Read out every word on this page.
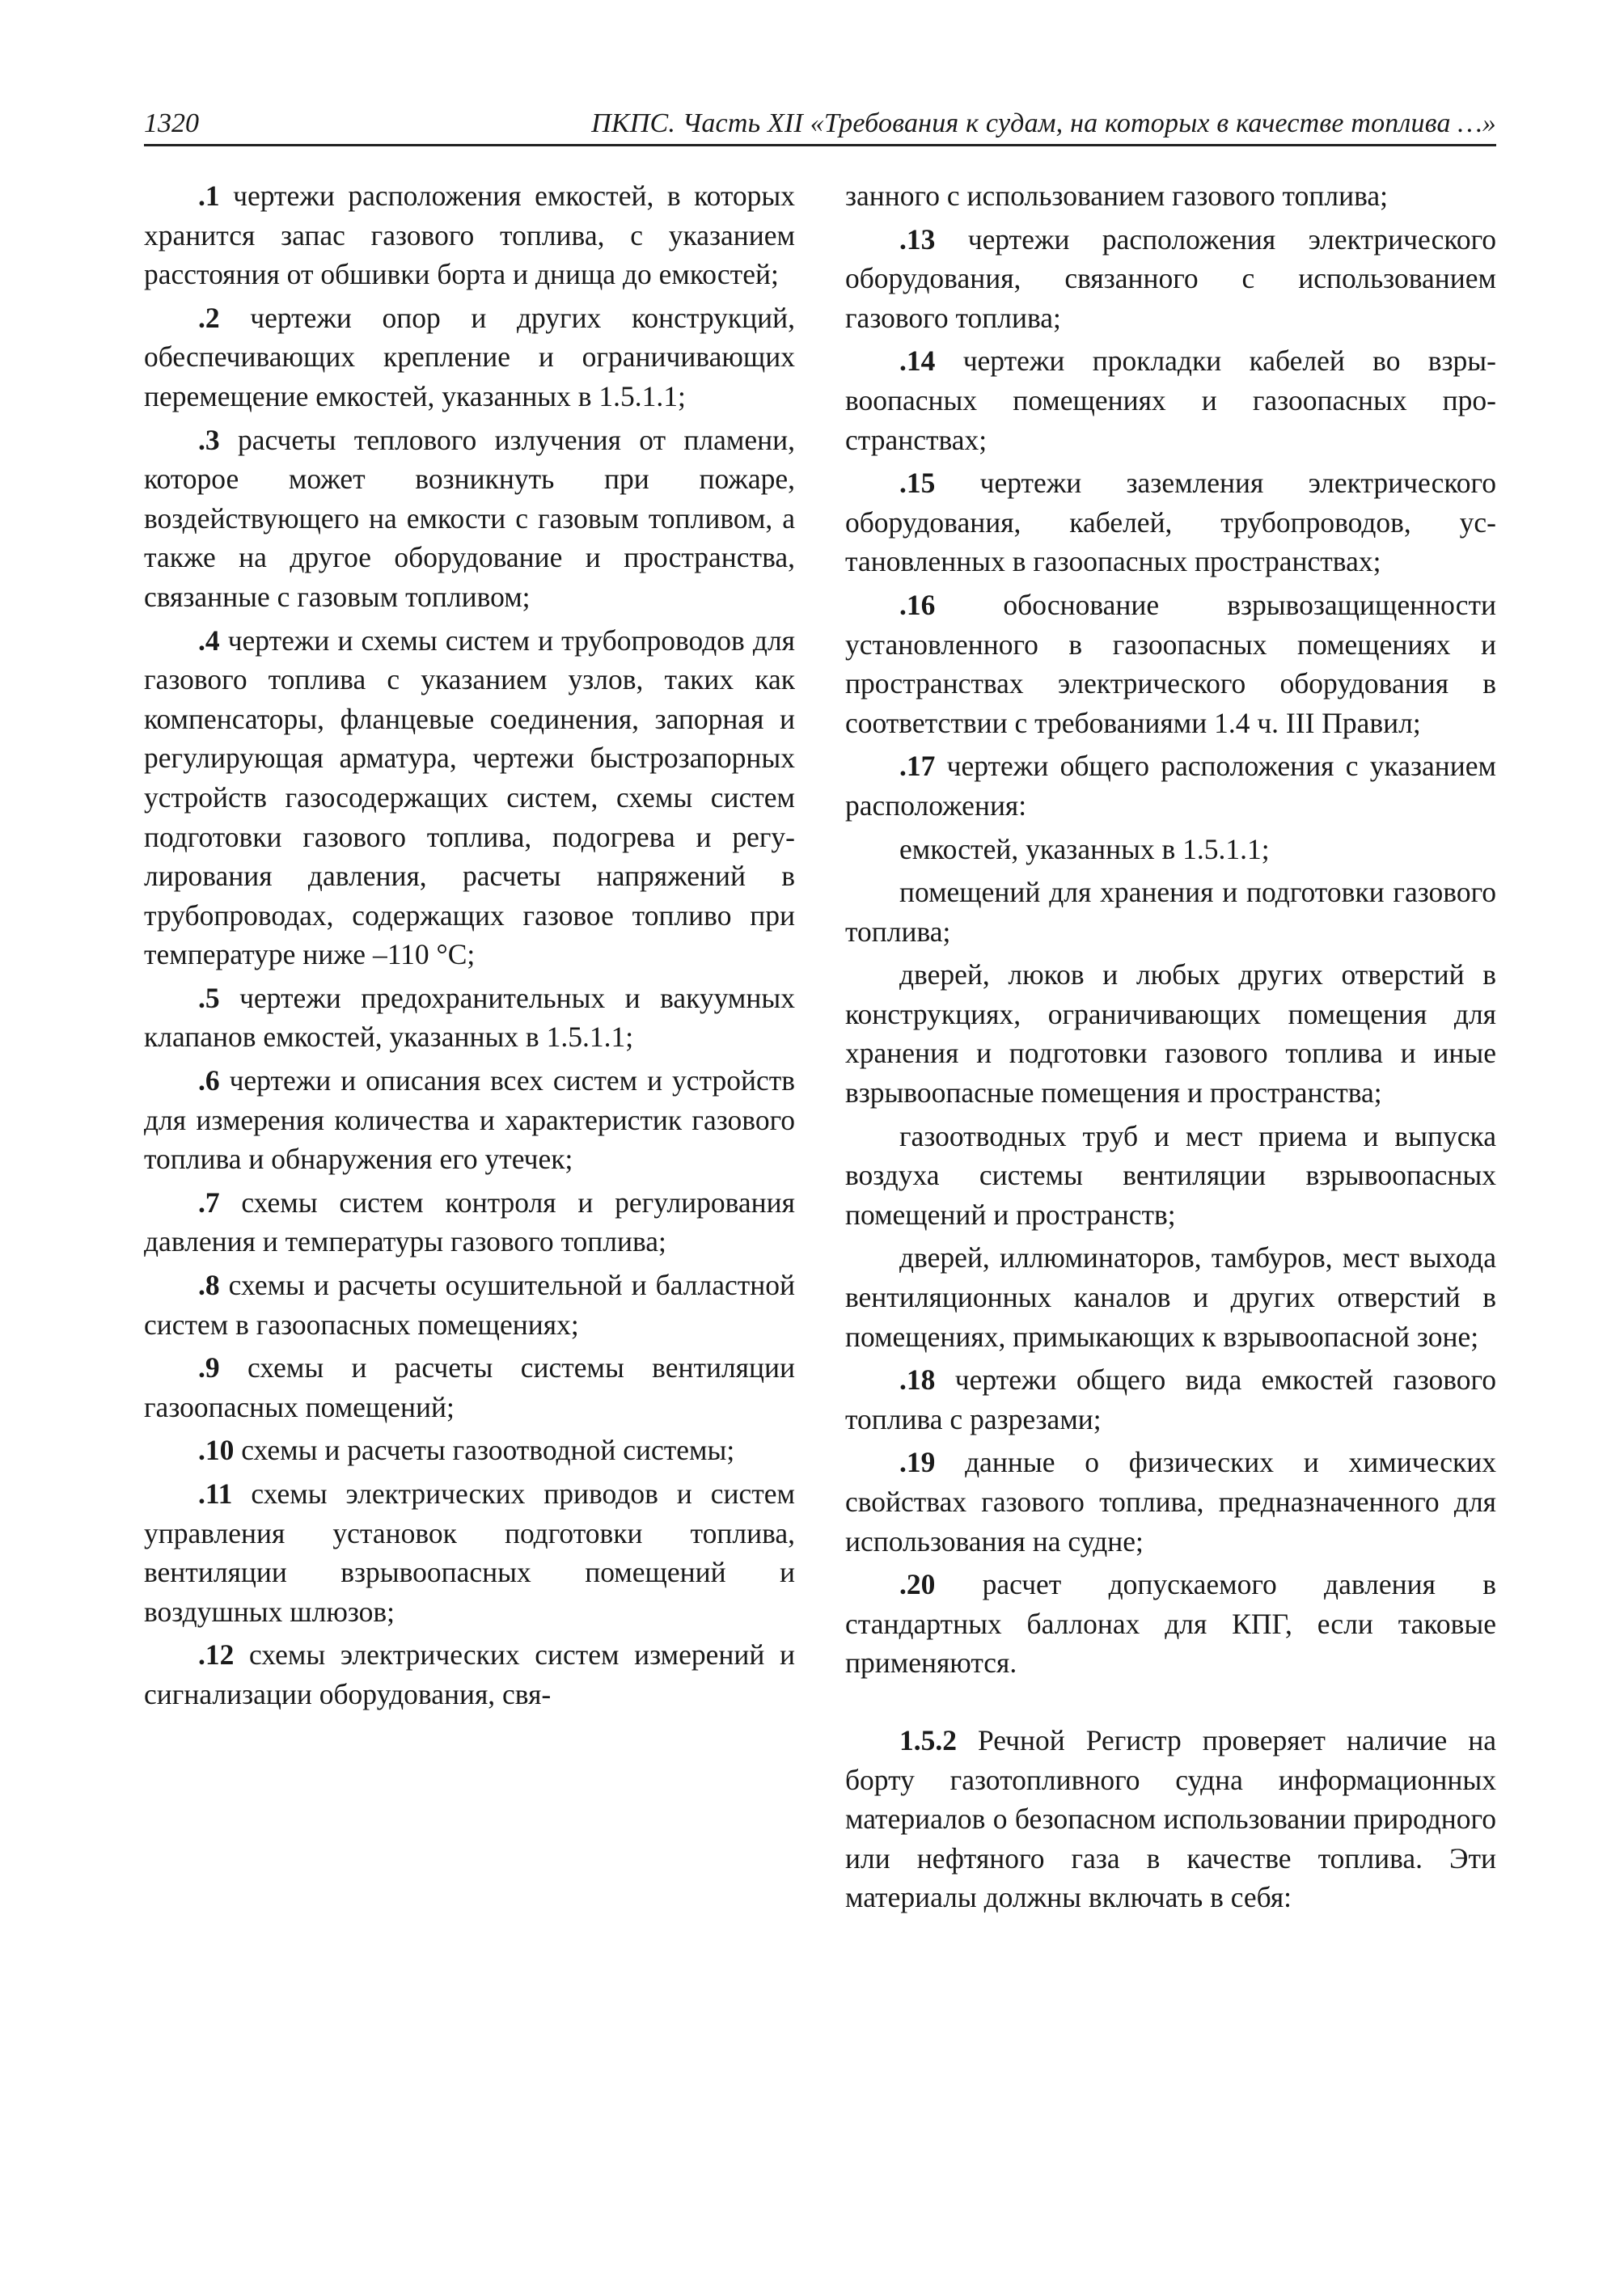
1320	ПКПС. Часть XII «Требования к судам, на которых в качестве топлива …»

.1 чертежи расположения емкостей, в которых хранится запас газового топлива, с указанием расстояния от обшивки борта и днища до емкостей;

.2 чертежи опор и других конструкций, обеспечивающих крепление и ограничивающих перемещение емкостей, указанных в 1.5.1.1;

.3 расчеты теплового излучения от пламени, которое может возникнуть при пожаре, воздействующего на емкости с газовым топливом, а также на другое оборудование и пространства, связанные с газовым топливом;

.4 чертежи и схемы систем и трубопроводов для газового топлива с указанием узлов, таких как компенсаторы, фланцевые соединения, запорная и регулирующая арматура, чертежи быстрозапорных устройств газосодержащих систем, схемы систем подготовки газового топлива, подогрева и регулирования давления, расчеты напряжений в трубопроводах, содержащих газовое топливо при температуре ниже –110 °C;

.5 чертежи предохранительных и вакуумных клапанов емкостей, указанных в 1.5.1.1;

.6 чертежи и описания всех систем и устройств для измерения количества и характеристик газового топлива и обнаружения его утечек;

.7 схемы систем контроля и регулирования давления и температуры газового топлива;

.8 схемы и расчеты осушительной и балластной систем в газоопасных помещениях;

.9 схемы и расчеты системы вентиляции газоопасных помещений;

.10 схемы и расчеты газоотводной системы;

.11 схемы электрических приводов и систем управления установок подготовки топлива, вентиляции взрывоопасных помещений и воздушных шлюзов;

.12 схемы электрических систем измерений и сигнализации оборудования, свя-

занного с использованием газового топлива;

.13 чертежи расположения электрического оборудования, связанного с использованием газового топлива;

.14 чертежи прокладки кабелей во взрывоопасных помещениях и газоопасных пространствах;

.15 чертежи заземления электрического оборудования, кабелей, трубопроводов, установленных в газоопасных пространствах;

.16 обоснование взрывозащищенности установленного в газоопасных помещениях и пространствах электрического оборудования в соответствии с требованиями 1.4 ч. III Правил;

.17 чертежи общего расположения с указанием расположения:

емкостей, указанных в 1.5.1.1;

помещений для хранения и подготовки газового топлива;

дверей, люков и любых других отверстий в конструкциях, ограничивающих помещения для хранения и подготовки газового топлива и иные взрывоопасные помещения и пространства;

газоотводных труб и мест приема и выпуска воздуха системы вентиляции взрывоопасных помещений и пространств;

дверей, иллюминаторов, тамбуров, мест выхода вентиляционных каналов и других отверстий в помещениях, примыкающих к взрывоопасной зоне;

.18 чертежи общего вида емкостей газового топлива с разрезами;

.19 данные о физических и химических свойствах газового топлива, предназначенного для использования на судне;

.20 расчет допускаемого давления в стандартных баллонах для КПГ, если таковые применяются.

1.5.2 Речной Регистр проверяет наличие на борту газотопливного судна информационных материалов о безопасном использовании природного или нефтяного газа в качестве топлива. Эти материалы должны включать в себя:
